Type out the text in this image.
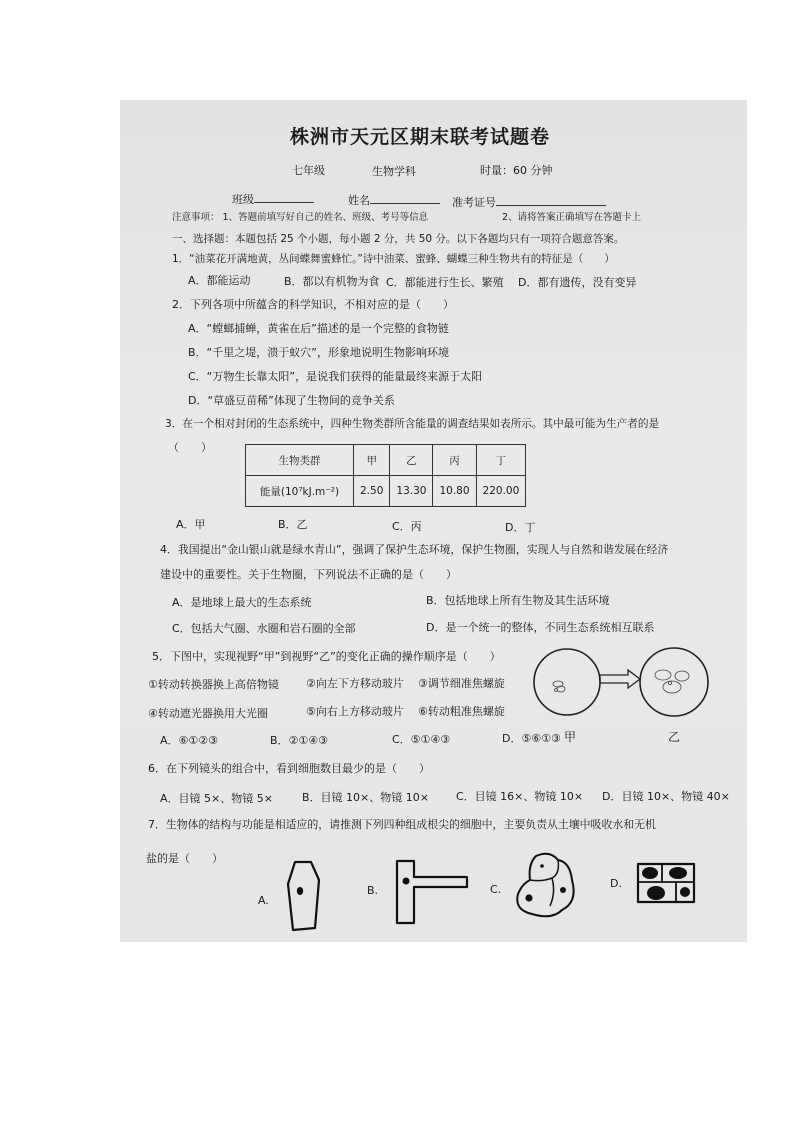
株洲市天元区期末联考试题卷
七年级	生物学科	时量：60 分钟
班级	姓名	准考证号
注意事项： 1、答题前填写好自己的姓名、班级、考号等信息	2、请将答案正确填写在答题卡上
一、选择题：本题包括 25 个小题，每小题 2 分，共 50 分。以下各题均只有一项符合题意答案。
1．“油菜花开满地黄，丛间蝶舞蜜蜂忙。”诗中油菜、蜜蜂、蝴蝶三种生物共有的特征是（　　）
A．都能运动	B．都以有机物为食 C．都能进行生长、繁殖 D．都有遗传，没有变异
2．下列各项中所蕴含的科学知识，不相对应的是（　　）
A．“螳螂捕蝉，黄雀在后”描述的是一个完整的食物链
B．“千里之堤，溃于蚁穴”，形象地说明生物影响环境
C．“万物生长靠太阳”，是说我们获得的能量最终来源于太阳
D．“草盛豆苗稀”体现了生物间的竞争关系
3．在一个相对封闭的生态系统中，四种生物类群所含能量的调查结果如表所示。其中最可能为生产者的是
（　　）
生物类群	甲	乙	丙	丁
能量(10⁷kJ.m⁻²)	2.50	13.30	10.80	220.00
A．甲	B．乙	C．丙	D．丁
4．我国提出“金山银山就是绿水青山”，强调了保护生态环境，保护生物圈，实现人与自然和谐发展在经济
建设中的重要性。关于生物圈，下列说法不正确的是（　　）
A．是地球上最大的生态系统	B．包括地球上所有生物及其生活环境
C．包括大气圈、水圈和岩石圈的全部	D．是一个统一的整体，不同生态系统相互联系
5．下图中，实现视野“甲”到视野“乙”的变化正确的操作顺序是（　　）
①转动转换器换上高倍物镜 ②向左下方移动玻片 ③调节细准焦螺旋
④转动遮光器换用大光圈	⑤向右上方移动玻片 ⑥转动粗准焦螺旋
A．⑥①②③	B．②①④③	C．⑤①④③	D．⑤⑥①③ 甲	乙
6．在下列镜头的组合中，看到细胞数目最少的是（　　）
A．目镜 5×、物镜 5×	B．目镜 10×、物镜 10× C．目镜 16×、物镜 10× D．目镜 10×、物镜 40×
7．生物体的结构与功能是相适应的，请推测下列四种组成根尖的细胞中，主要负责从土壤中吸收水和无机
盐的是（　　）
A.
B.	C.	D.
